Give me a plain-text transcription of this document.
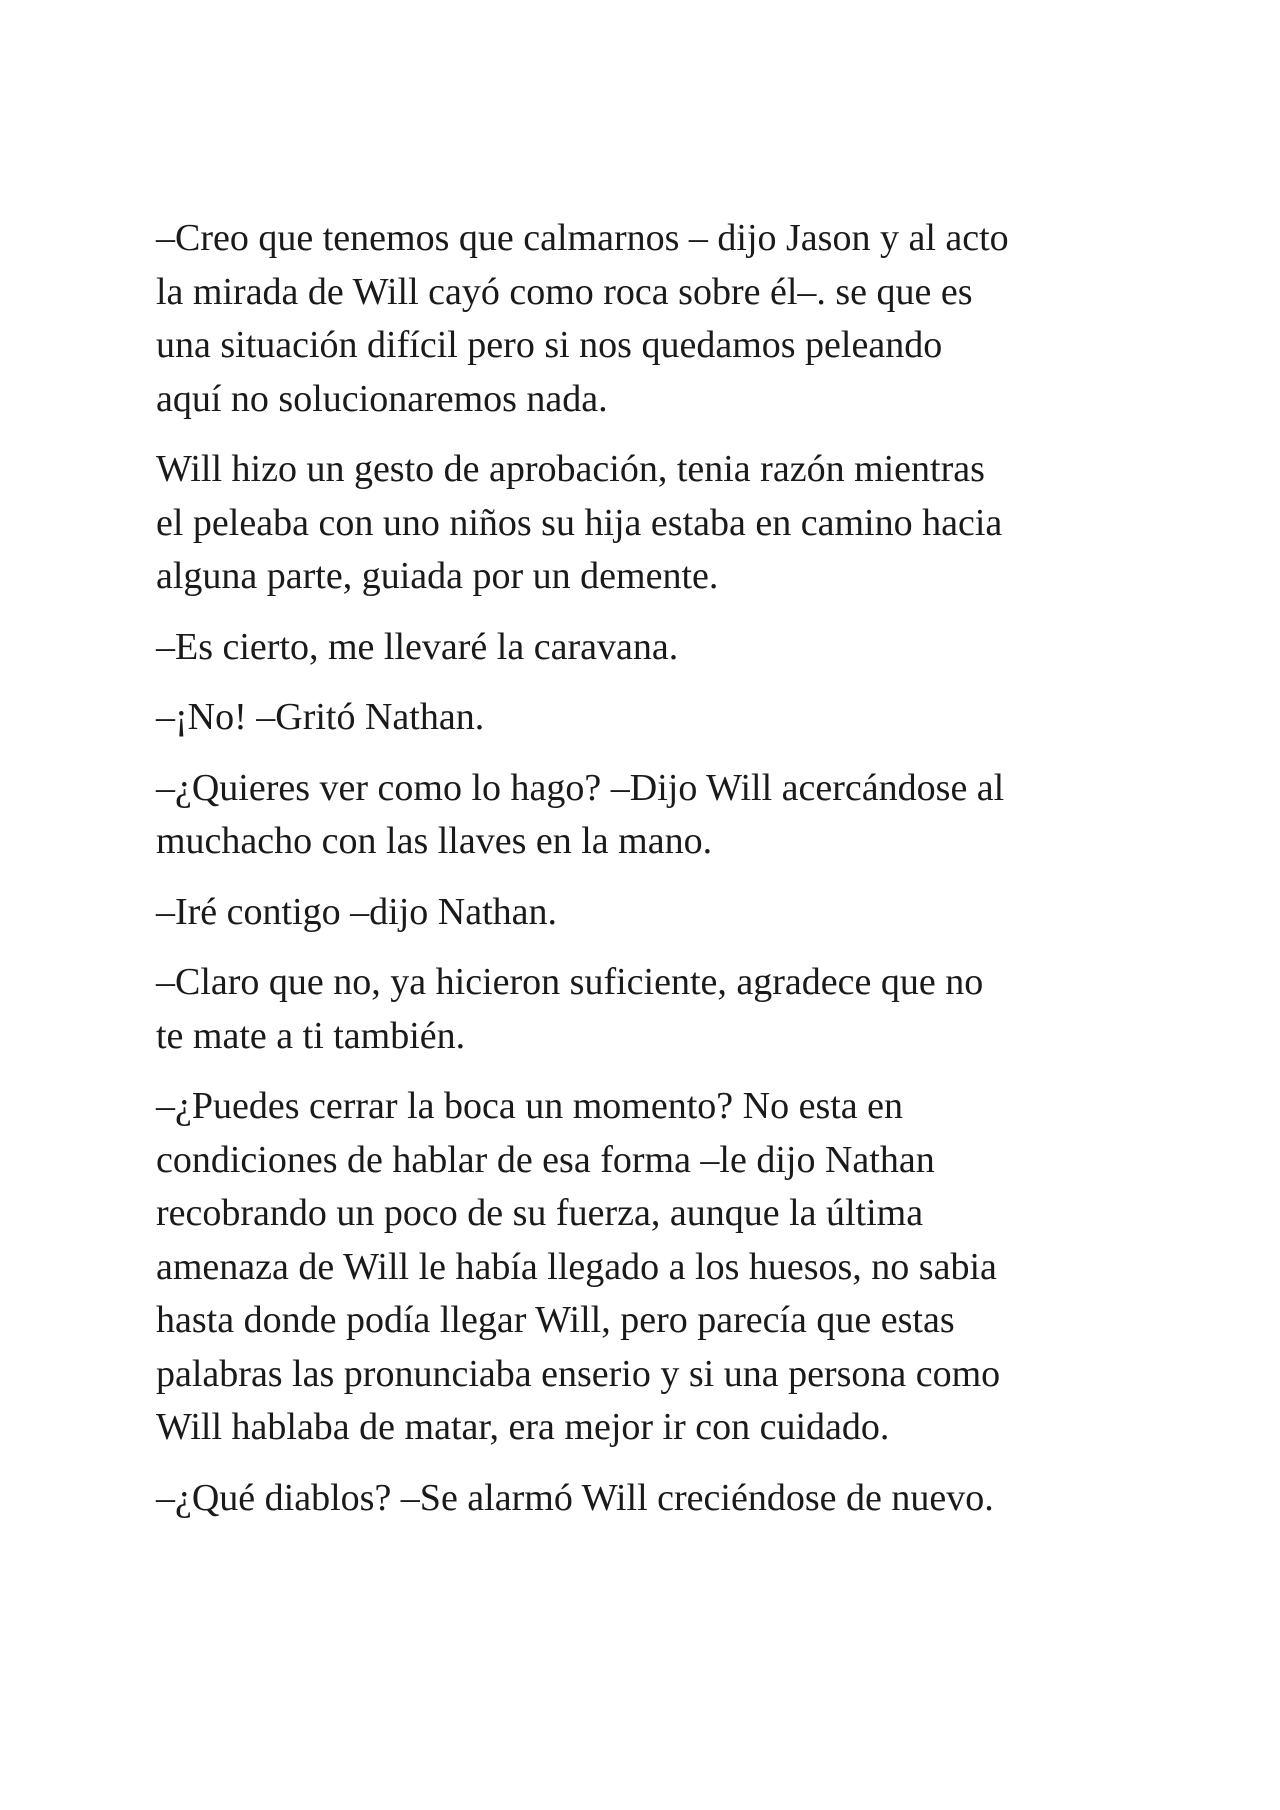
–Creo que tenemos que calmarnos – dijo Jason y al acto
la mirada de Will cayó como roca sobre él–. se que es
una situación difícil pero si nos quedamos peleando
aquí no solucionaremos nada.

Will hizo un gesto de aprobación, tenia razón mientras
el peleaba con uno niños su hija estaba en camino hacia
alguna parte, guiada por un demente.

–Es cierto, me llevaré la caravana.

–¡No! –Gritó Nathan.

–¿Quieres ver como lo hago? –Dijo Will acercándose al
muchacho con las llaves en la mano.

–Iré contigo –dijo Nathan.

–Claro que no, ya hicieron suficiente, agradece que no
te mate a ti también.

–¿Puedes cerrar la boca un momento? No esta en
condiciones de hablar de esa forma –le dijo Nathan
recobrando un poco de su fuerza, aunque la última
amenaza de Will le había llegado a los huesos, no sabia
hasta donde podía llegar Will, pero parecía que estas
palabras las pronunciaba enserio y si una persona como
Will hablaba de matar, era mejor ir con cuidado.

–¿Qué diablos? –Se alarmó Will creciéndose de nuevo.
